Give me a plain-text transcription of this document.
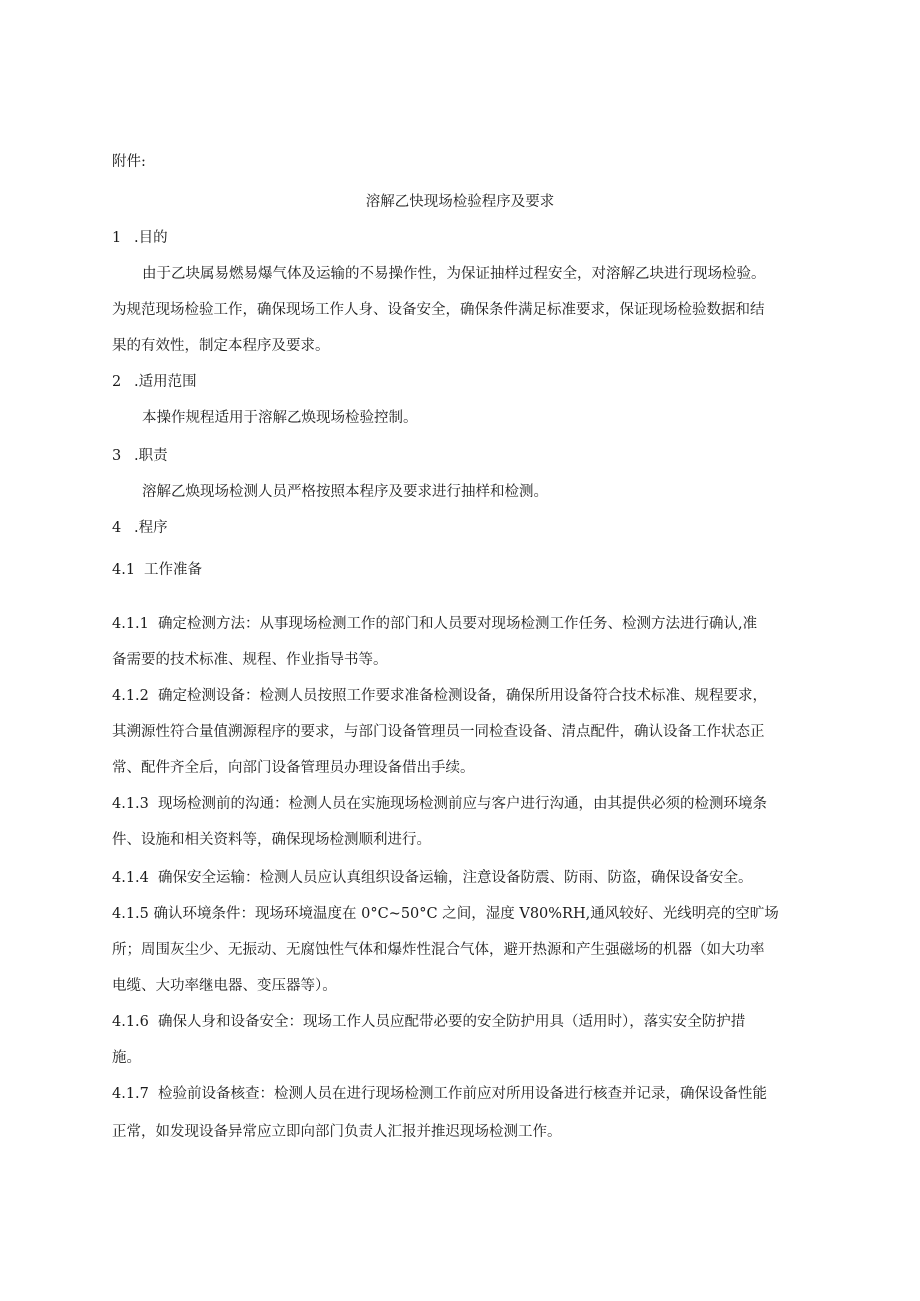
附件:
溶解乙快现场检验程序及要求
1 .目的
由于乙块属易燃易爆气体及运输的不易操作性，为保证抽样过程安全，对溶解乙块进行现场检验。
为规范现场检验工作，确保现场工作人身、设备安全，确保条件满足标准要求，保证现场检验数据和结
果的有效性，制定本程序及要求。
2 .适用范围
本操作规程适用于溶解乙焕现场检验控制。
3 .职责
溶解乙焕现场检测人员严格按照本程序及要求进行抽样和检测。
4 .程序
4.1 工作准备
4.1.1 确定检测方法：从事现场检测工作的部门和人员要对现场检测工作任务、检测方法进行确认,准
备需要的技术标准、规程、作业指导书等。
4.1.2 确定检测设备：检测人员按照工作要求准备检测设备，确保所用设备符合技术标准、规程要求，
其溯源性符合量值溯源程序的要求，与部门设备管理员一同检查设备、清点配件，确认设备工作状态正
常、配件齐全后，向部门设备管理员办理设备借出手续。
4.1.3 现场检测前的沟通：检测人员在实施现场检测前应与客户进行沟通，由其提供必须的检测环境条
件、设施和相关资料等，确保现场检测顺利进行。
4.1.4 确保安全运输：检测人员应认真组织设备运输，注意设备防震、防雨、防盗，确保设备安全。
4.1.5 确认环境条件：现场环境温度在 0°C~50°C 之间，湿度 V80%RH,通风较好、光线明亮的空旷场
所；周围灰尘少、无振动、无腐蚀性气体和爆炸性混合气体，避开热源和产生强磁场的机器（如大功率
电缆、大功率继电器、变压器等）。
4.1.6 确保人身和设备安全：现场工作人员应配带必要的安全防护用具（适用时），落实安全防护措
施。
4.1.7 检验前设备核查：检测人员在进行现场检测工作前应对所用设备进行核查并记录，确保设备性能
正常，如发现设备异常应立即向部门负责人汇报并推迟现场检测工作。
